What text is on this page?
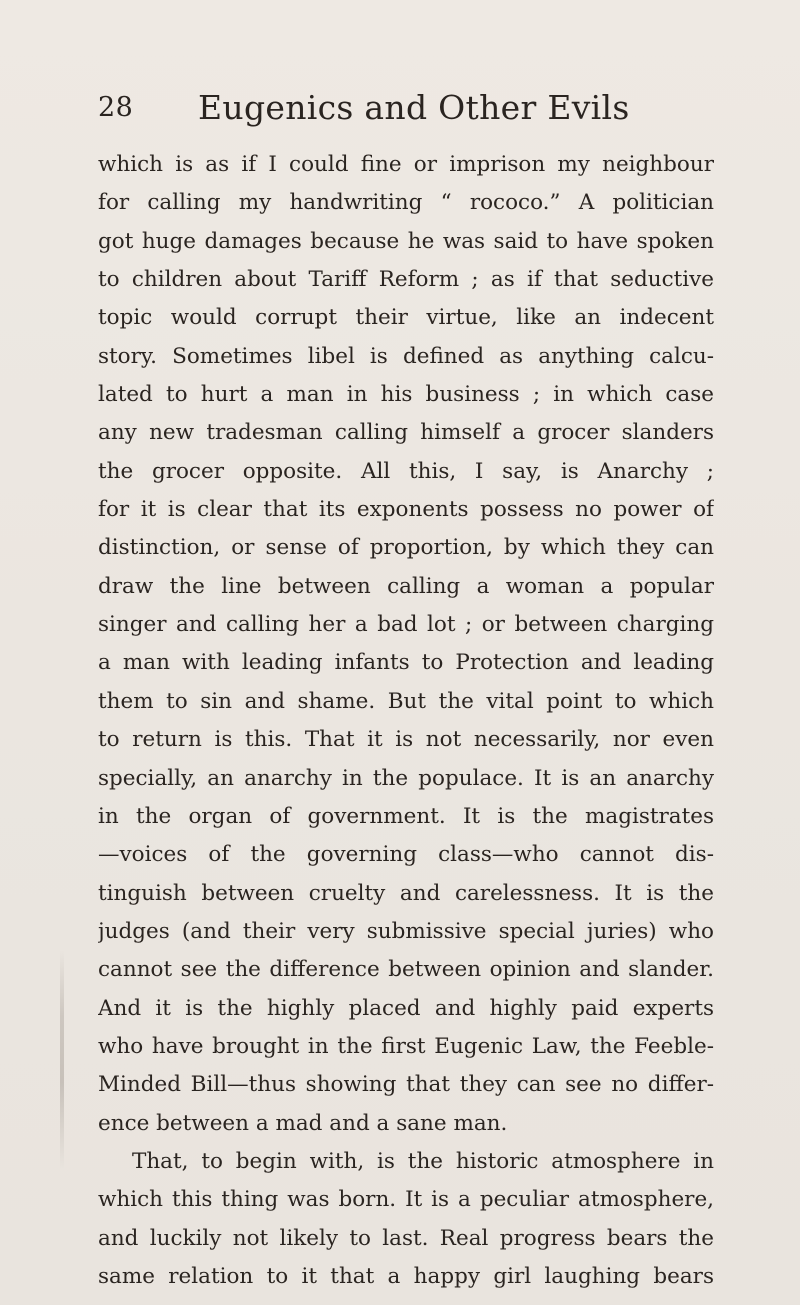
28 Eugenics and Other Evils
which is as if I could fine or imprison my neighbour
for calling my handwriting “ rococo.” A politician
got huge damages because he was said to have spoken
to children about Tariff Reform ; as if that seductive
topic would corrupt their virtue, like an indecent
story. Sometimes libel is defined as anything calcu-
lated to hurt a man in his business ; in which case
any new tradesman calling himself a grocer slanders
the grocer opposite. All this, I say, is Anarchy ;
for it is clear that its exponents possess no power of
distinction, or sense of proportion, by which they can
draw the line between calling a woman a popular
singer and calling her a bad lot ; or between charging
a man with leading infants to Protection and leading
them to sin and shame. But the vital point to which
to return is this. That it is not necessarily, nor even
specially, an anarchy in the populace. It is an anarchy
in the organ of government. It is the magistrates
—voices of the governing class—who cannot dis-
tinguish between cruelty and carelessness. It is the
judges (and their very submissive special juries) who
cannot see the difference between opinion and slander.
And it is the highly placed and highly paid experts
who have brought in the first Eugenic Law, the Feeble-
Minded Bill—thus showing that they can see no differ-
ence between a mad and a sane man.
That, to begin with, is the historic atmosphere in
which this thing was born. It is a peculiar atmosphere,
and luckily not likely to last. Real progress bears the
same relation to it that a happy girl laughing bears
